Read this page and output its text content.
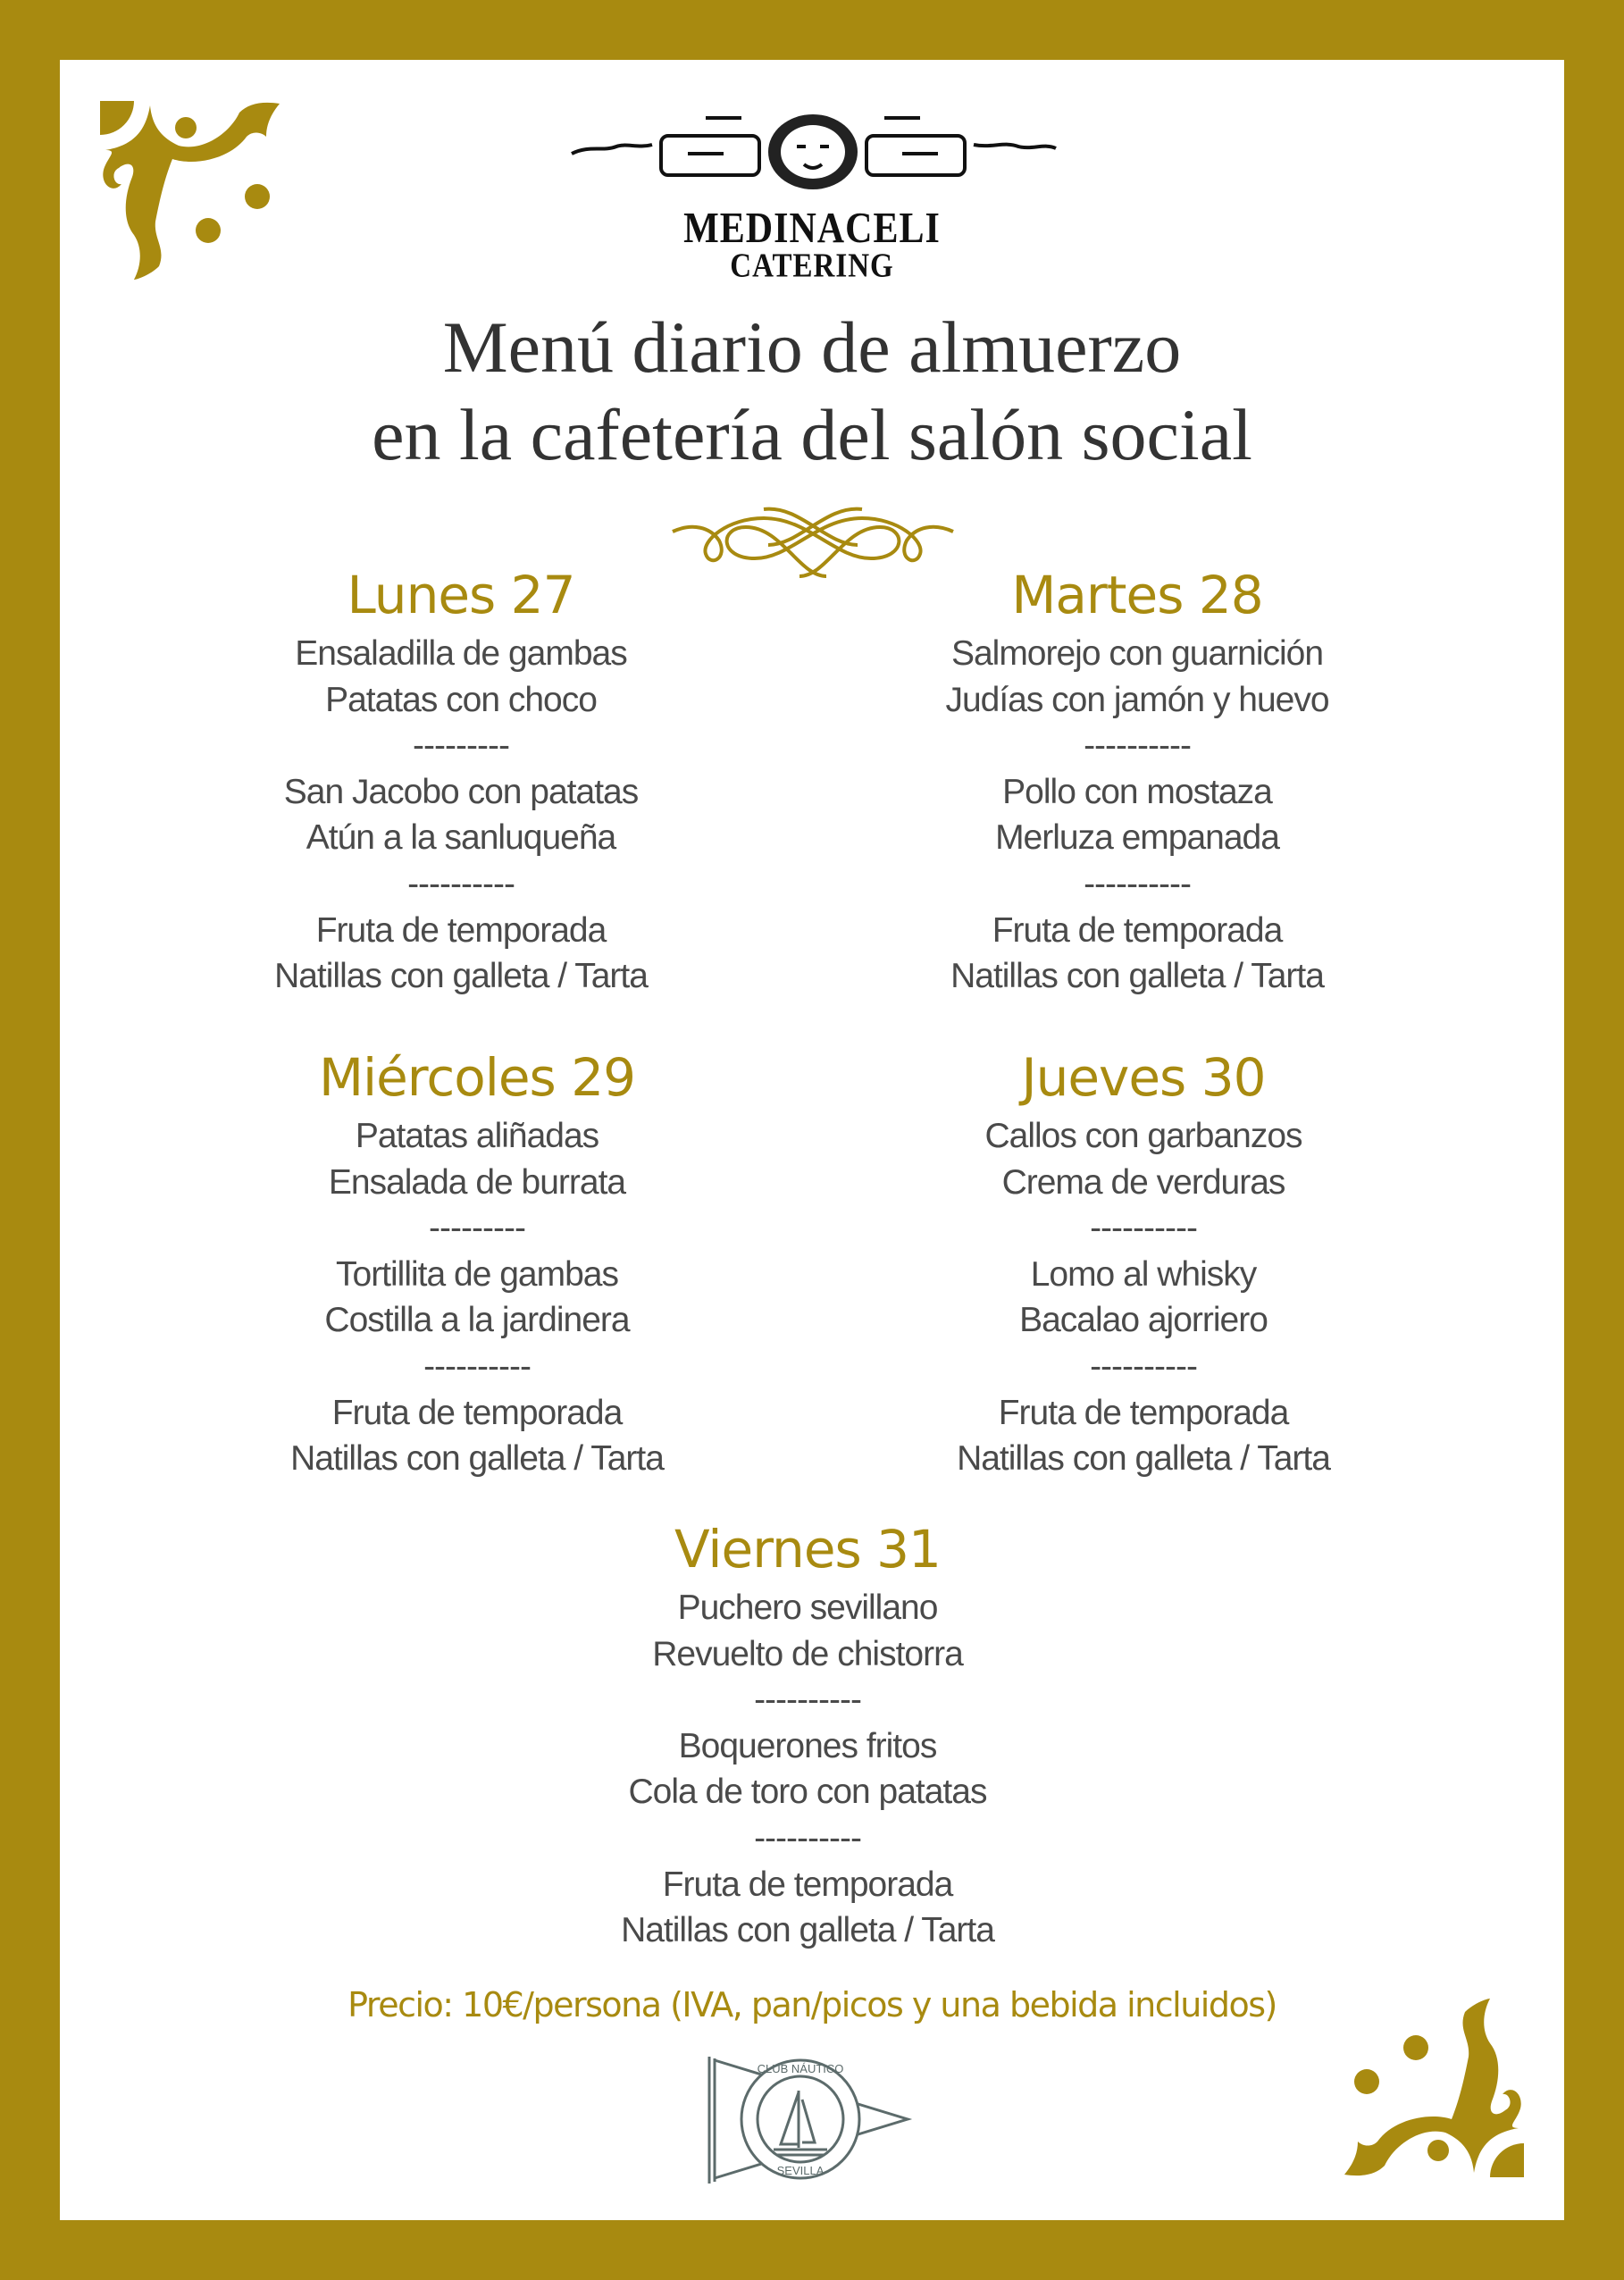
MEDINACELI
CATERING
Menú diario de almuerzo
en la cafetería del salón social
Lunes 27
Ensaladilla de gambas
Patatas con choco
---------
San Jacobo con patatas
Atún a la sanluqueña
----------
Fruta de temporada
Natillas con galleta / Tarta
Martes 28
Salmorejo con guarnición
Judías con jamón y huevo
----------
Pollo con mostaza
Merluza empanada
----------
Fruta de temporada
Natillas con galleta / Tarta
Miércoles 29
Patatas aliñadas
Ensalada de burrata
---------
Tortillita de gambas
Costilla a la jardinera
----------
Fruta de temporada
Natillas con galleta / Tarta
Jueves 30
Callos con garbanzos
Crema de verduras
----------
Lomo al whisky
Bacalao ajorriero
----------
Fruta de temporada
Natillas con galleta / Tarta
Viernes 31
Puchero sevillano
Revuelto de chistorra
----------
Boquerones fritos
Cola de toro con patatas
----------
Fruta de temporada
Natillas con galleta / Tarta
Precio: 10€/persona (IVA, pan/picos y una bebida incluidos)
CLUB NÁUTICO
SEVILLA
